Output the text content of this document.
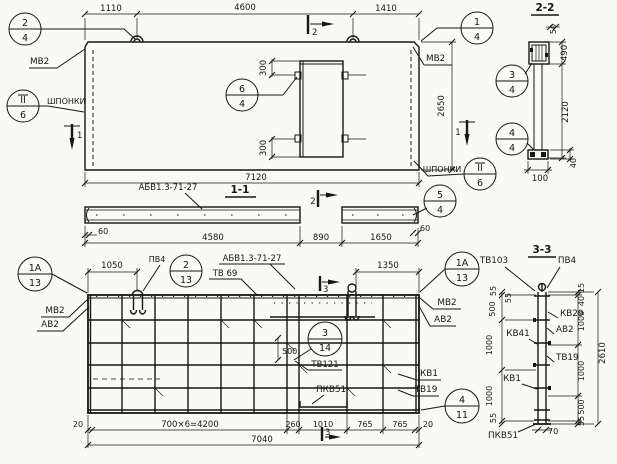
300
300
1110	4600	1410
7120
2650
2
1	1
2
4
МВ2
II
6
ШПОНКИ
1
4
МВ2
II
6
ШПОНКИ
6
4
АБВ1.3-71-27	1-1
2
60
4580	890	1650
60
5
4
2-2
50
490
2120
100
40
3
4
4
4
1050	1350
ПВ4
2
13
АБВ1.3-71-27
ТВ 69
1А
13
МВ2
АВ2
1А
13
МВ2
АВ2
3
3
14
500
ТВ121
КВ1
ТВ19
ПКВ51
4
11
20	700×6=4200	260 1010	765 765 20
7040
3
3-3
55
55
500
1000
1000
55
15
40
1000
1000
500
55
2610
70
ТВ103	ПВ4
КВ29
АВ2
КВ41
ТВ19
КВ1
ПКВ51
